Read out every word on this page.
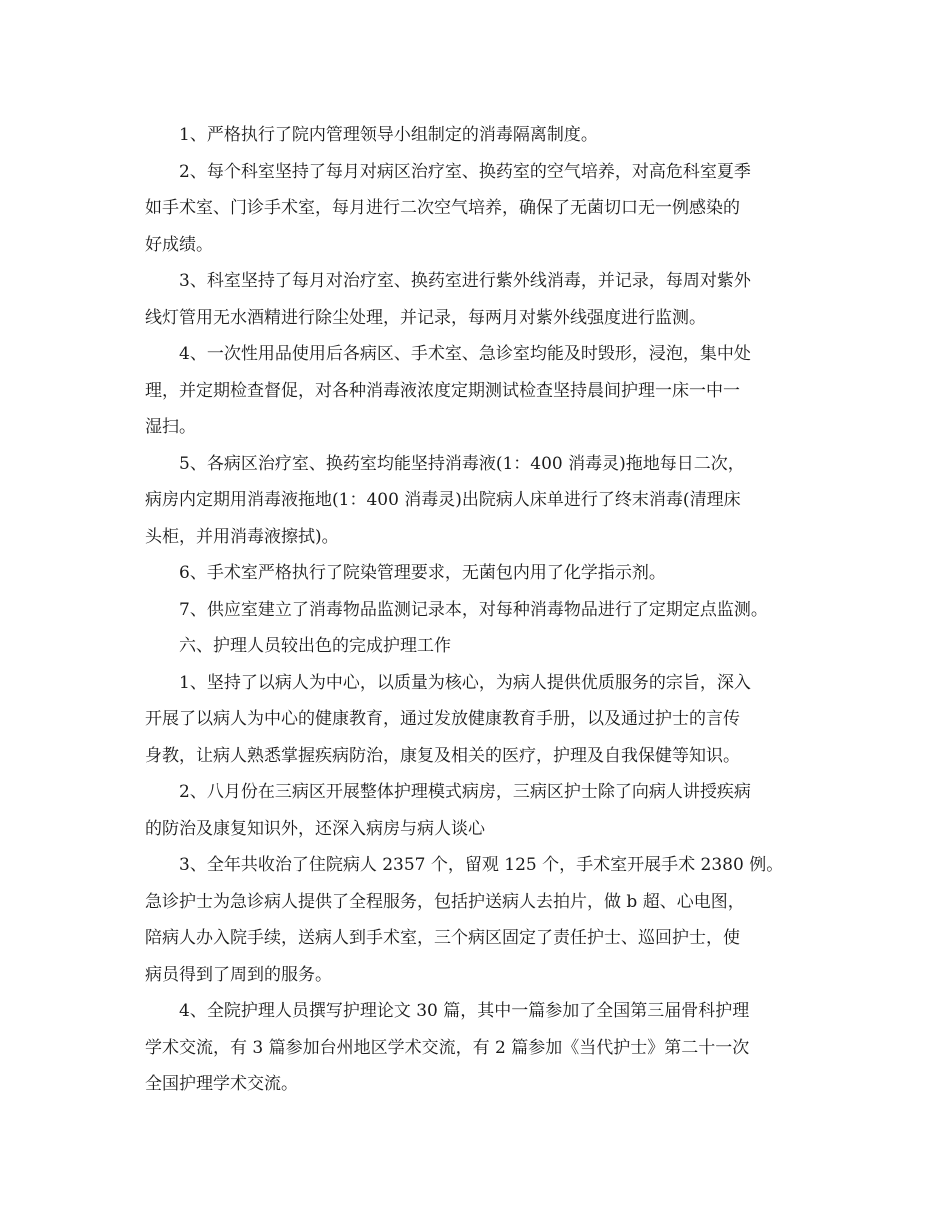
1、严格执行了院内管理领导小组制定的消毒隔离制度。
2、每个科室坚持了每月对病区治疗室、换药室的空气培养，对高危科室夏季
如手术室、门诊手术室，每月进行二次空气培养，确保了无菌切口无一例感染的
好成绩。
3、科室坚持了每月对治疗室、换药室进行紫外线消毒，并记录，每周对紫外
线灯管用无水酒精进行除尘处理，并记录，每两月对紫外线强度进行监测。
4、一次性用品使用后各病区、手术室、急诊室均能及时毁形，浸泡，集中处
理，并定期检查督促，对各种消毒液浓度定期测试检查坚持晨间护理一床一中一
湿扫。
5、各病区治疗室、换药室均能坚持消毒液(1：400 消毒灵)拖地每日二次，
病房内定期用消毒液拖地(1：400 消毒灵)出院病人床单进行了终末消毒(清理床
头柜，并用消毒液擦拭)。
6、手术室严格执行了院染管理要求，无菌包内用了化学指示剂。
7、供应室建立了消毒物品监测记录本，对每种消毒物品进行了定期定点监测。
六、护理人员较出色的完成护理工作
1、坚持了以病人为中心，以质量为核心，为病人提供优质服务的宗旨，深入
开展了以病人为中心的健康教育，通过发放健康教育手册，以及通过护士的言传
身教，让病人熟悉掌握疾病防治，康复及相关的医疗，护理及自我保健等知识。
2、八月份在三病区开展整体护理模式病房，三病区护士除了向病人讲授疾病
的防治及康复知识外，还深入病房与病人谈心
3、全年共收治了住院病人 2357 个，留观 125 个，手术室开展手术 2380 例。
急诊护士为急诊病人提供了全程服务，包括护送病人去拍片，做 b 超、心电图，
陪病人办入院手续，送病人到手术室，三个病区固定了责任护士、巡回护士，使
病员得到了周到的服务。
4、全院护理人员撰写护理论文 30 篇，其中一篇参加了全国第三届骨科护理
学术交流，有 3 篇参加台州地区学术交流，有 2 篇参加《当代护士》第二十一次
全国护理学术交流。
